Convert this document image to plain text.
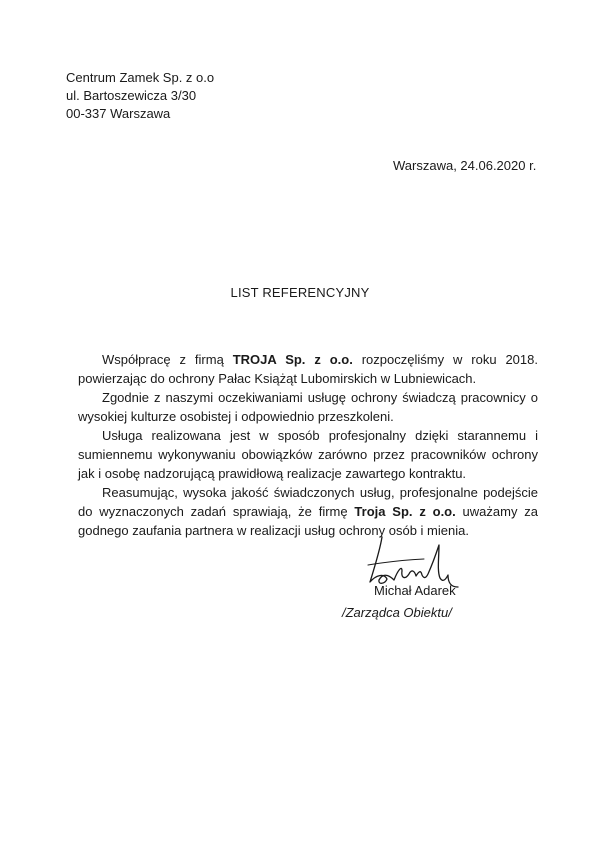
Centrum Zamek Sp. z o.o
ul. Bartoszewicza 3/30
00-337 Warszawa
Warszawa, 24.06.2020 r.
LIST REFERENCYJNY

Współpracę z firmą TROJA Sp. z o.o. rozpoczęliśmy w roku 2018. powierzając do ochrony Pałac Książąt Lubomirskich w Lubniewicach.

Zgodnie z naszymi oczekiwaniami usługę ochrony świadczą pracownicy o wysokiej kulturze osobistej i odpowiednio przeszkoleni.

Usługa realizowana jest w sposób profesjonalny dzięki starannemu i sumiennemu wykonywaniu obowiązków zarówno przez pracowników ochrony jak i osobę nadzorującą prawidłową realizacje zawartego kontraktu.

Reasumując, wysoka jakość świadczonych usług, profesjonalne podejście do wyznaczonych zadań sprawiają, że firmę Troja Sp. z o.o. uważamy za godnego zaufania partnera w realizacji usług ochrony osób i mienia.

Michał Adarek
/Zarządca Obiektu/
